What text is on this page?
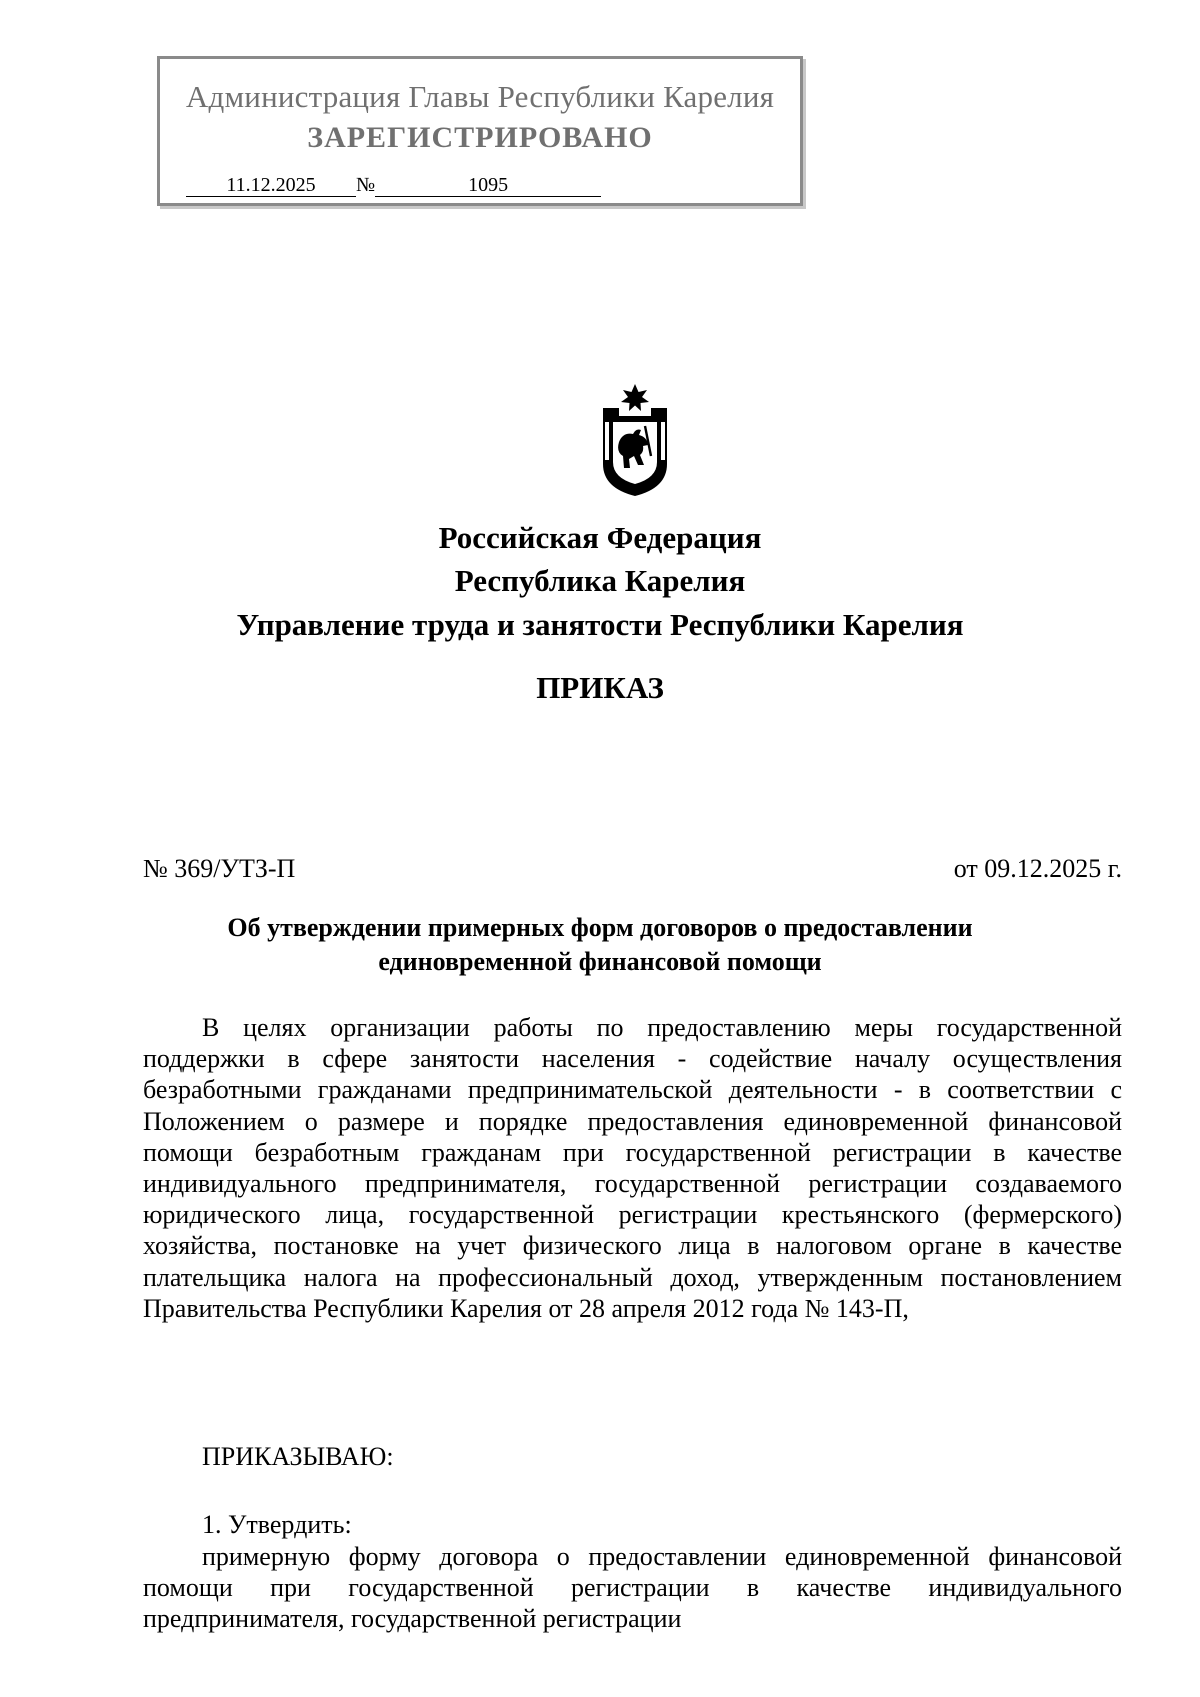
Администрация Главы Республики Карелия
ЗАРЕГИСТРИРОВАНО
11.12.2025 №	1095
Российская Федерация
Республика Карелия
Управление труда и занятости Республики Карелия
ПРИКАЗ
№ 369/УТЗ-П	от 09.12.2025 г.
Об утверждении примерных форм договоров о предоставлении
единовременной финансовой помощи
В целях организации работы по предоставлению меры государственной поддержки в сфере занятости населения - содействие началу осуществления безработными гражданами предпринимательской деятельности - в соответствии с Положением о размере и порядке предоставления единовременной финансовой помощи безработным гражданам при государственной регистрации в качестве индивидуального предпринимателя, государственной регистрации создаваемого юридического лица, государственной регистрации крестьянского (фермерского) хозяйства, постановке на учет физического лица в налоговом органе в качестве плательщика налога на профессиональный доход, утвержденным постановлением Правительства Республики Карелия от 28 апреля 2012 года № 143-П,
ПРИКАЗЫВАЮ:
1. Утвердить:
примерную форму договора о предоставлении единовременной финансовой помощи при государственной регистрации в качестве индивидуального предпринимателя, государственной регистрации
